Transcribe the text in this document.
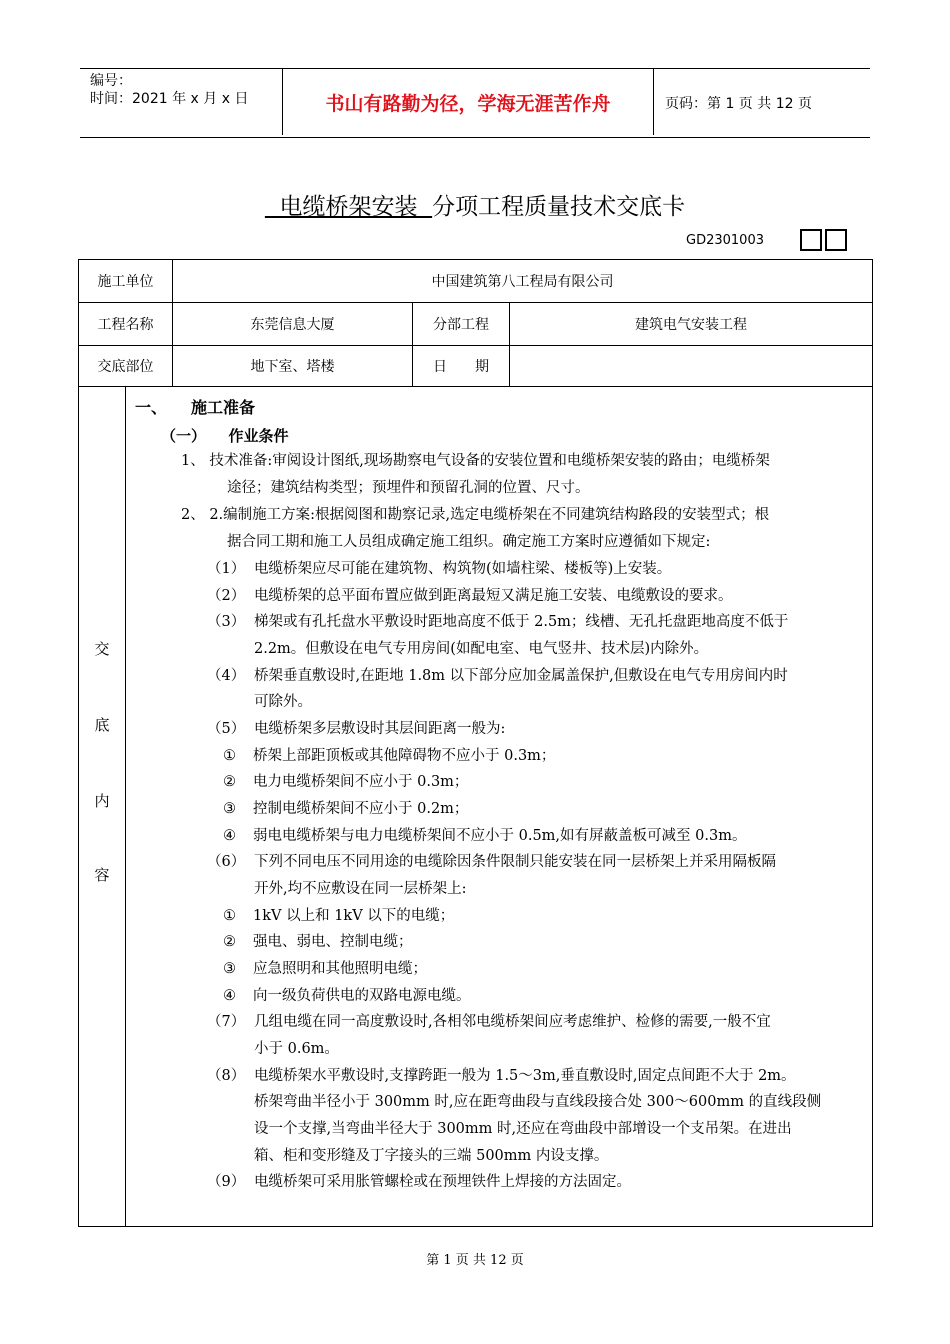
编号：
时间：2021 年 x 月 x 日	书山有路勤为径，学海无涯苦作舟	页码：第 1 页 共 12 页
电缆桥架安装  分项工程质量技术交底卡
GD2301003
施工单位	中国建筑第八工程局有限公司
工程名称	东莞信息大厦	分部工程	建筑电气安装工程
交底部位	地下室、塔楼	日　　期
交
底
内
容
一、　　施工准备
（一）　　作业条件
1、 技术准备:审阅设计图纸,现场勘察电气设备的安装位置和电缆桥架安装的路由；电缆桥架
途径；建筑结构类型；预埋件和预留孔洞的位置、尺寸。
2、 2.编制施工方案:根据阅图和勘察记录,选定电缆桥架在不同建筑结构路段的安装型式；根
据合同工期和施工人员组成确定施工组织。确定施工方案时应遵循如下规定:
（1） 电缆桥架应尽可能在建筑物、构筑物(如墙柱梁、楼板等)上安装。
（2） 电缆桥架的总平面布置应做到距离最短又满足施工安装、电缆敷设的要求。
（3） 梯架或有孔托盘水平敷设时距地高度不低于 2.5m；线槽、无孔托盘距地高度不低于
2.2m。但敷设在电气专用房间(如配电室、电气竖井、技术层)内除外。
（4） 桥架垂直敷设时,在距地 1.8m 以下部分应加金属盖保护,但敷设在电气专用房间内时
可除外。
（5） 电缆桥架多层敷设时其层间距离一般为:
① 桥架上部距顶板或其他障碍物不应小于 0.3m；
② 电力电缆桥架间不应小于 0.3m；
③ 控制电缆桥架间不应小于 0.2m；
④ 弱电电缆桥架与电力电缆桥架间不应小于 0.5m,如有屏蔽盖板可减至 0.3m。
（6） 下列不同电压不同用途的电缆除因条件限制只能安装在同一层桥架上并采用隔板隔
开外,均不应敷设在同一层桥架上:
① 1kV 以上和 1kV 以下的电缆；
② 强电、弱电、控制电缆；
③ 应急照明和其他照明电缆；
④ 向一级负荷供电的双路电源电缆。
（7） 几组电缆在同一高度敷设时,各相邻电缆桥架间应考虑维护、检修的需要,一般不宜
小于 0.6m。
（8） 电缆桥架水平敷设时,支撑跨距一般为 1.5～3m,垂直敷设时,固定点间距不大于 2m。
桥架弯曲半径小于 300mm 时,应在距弯曲段与直线段接合处 300～600mm 的直线段侧
设一个支撑,当弯曲半径大于 300mm 时,还应在弯曲段中部增设一个支吊架。在进出
箱、柜和变形缝及丁字接头的三端 500mm 内设支撑。
（9） 电缆桥架可采用胀管螺栓或在预埋铁件上焊接的方法固定。
第 1 页 共 12 页
